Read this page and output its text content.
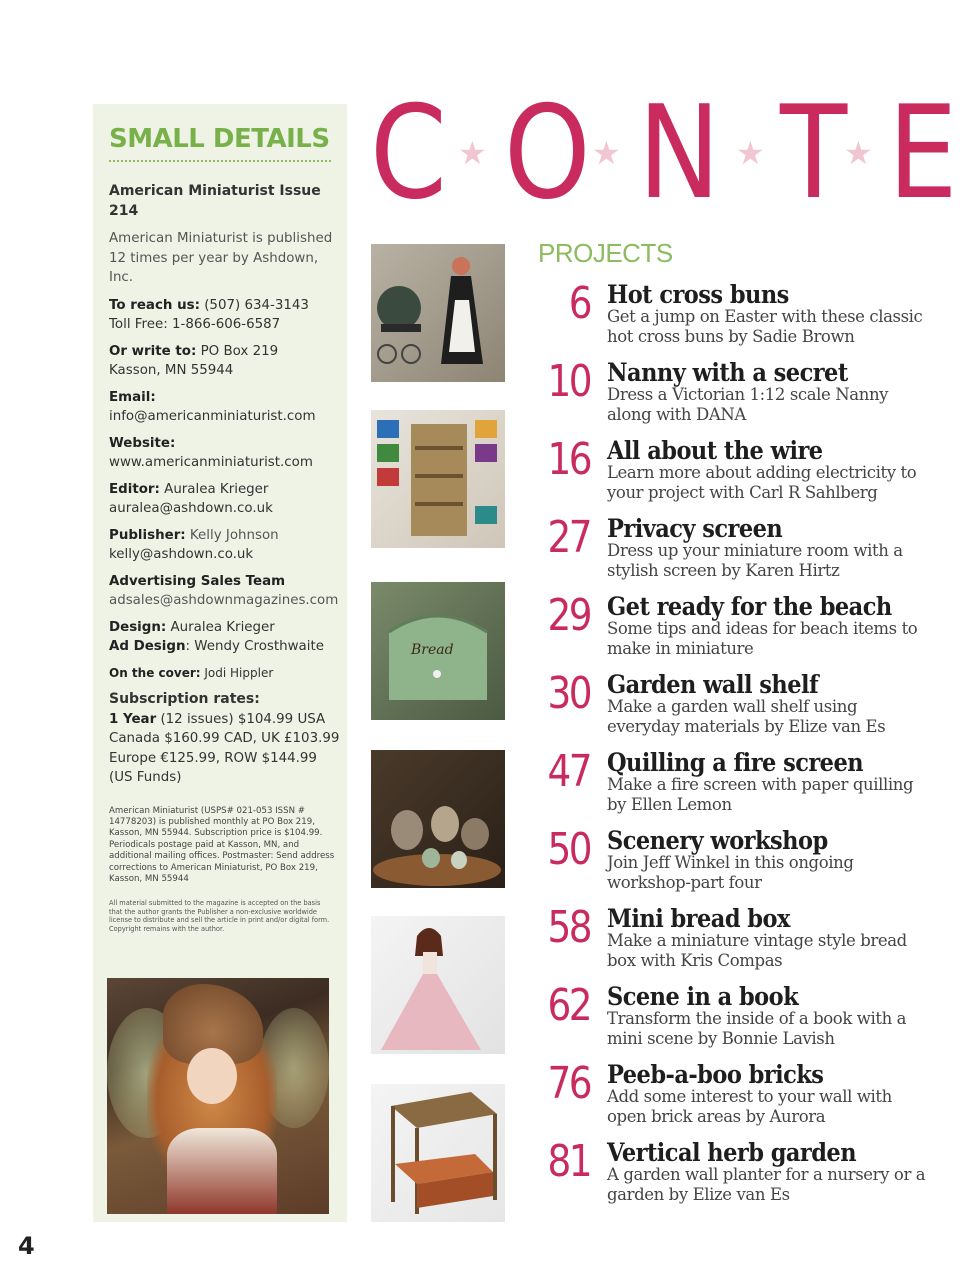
SMALL DETAILS
American Miniaturist Issue 214
American Miniaturist is published 12 times per year by Ashdown, Inc.
To reach us: (507) 634-3143
Toll Free: 1-866-606-6587
Or write to: PO Box 219
Kasson, MN 55944
Email:
info@americanminiaturist.com
Website:
www.americanminiaturist.com
Editor: Auralea Krieger
auralea@ashdown.co.uk
Publisher: Kelly Johnson
kelly@ashdown.co.uk
Advertising Sales Team
adsales@ashdownmagazines.com
Design: Auralea Krieger
Ad Design: Wendy Crosthwaite
On the cover: Jodi Hippler
Subscription rates:
1 Year (12 issues) $104.99 USA
Canada $160.99 CAD, UK £103.99
Europe €125.99, ROW $144.99
(US Funds)
American Miniaturist (USPS# 021-053 ISSN # 14778203) is published monthly at PO Box 219, Kasson, MN 55944. Subscription price is $104.99. Periodicals postage paid at Kasson, MN, and additional mailing offices. Postmaster: Send address corrections to American Miniaturist, PO Box 219, Kasson, MN 55944
All material submitted to the magazine is accepted on the basis that the author grants the Publisher a non-exclusive worldwide license to distribute and sell the article in print and/or digital form. Copyright remains with the author.
C ★ O ★ N ★ T
★ E
PROJECTS
Bread
6 Hot cross buns
Get a jump on Easter with these classic hot cross buns by Sadie Brown
10 Nanny with a secret
Dress a Victorian 1:12 scale Nanny along with DANA
16 All about the wire
Learn more about adding electricity to your project with Carl R Sahlberg
27 Privacy screen
Dress up your miniature room with a stylish screen by Karen Hirtz
29 Get ready for the beach
Some tips and ideas for beach items to make in miniature
30 Garden wall shelf
Make a garden wall shelf using everyday materials by Elize van Es
47 Quilling a fire screen
Make a fire screen with paper quilling by Ellen Lemon
50 Scenery workshop
Join Jeff Winkel in this ongoing workshop-part four
58 Mini bread box
Make a miniature vintage style bread box with Kris Compas
62 Scene in a book
Transform the inside of a book with a mini scene by Bonnie Lavish
76 Peeb-a-boo bricks
Add some interest to your wall with open brick areas by Aurora
81 Vertical herb garden
A garden wall planter for a nursery or a garden by Elize van Es
4
